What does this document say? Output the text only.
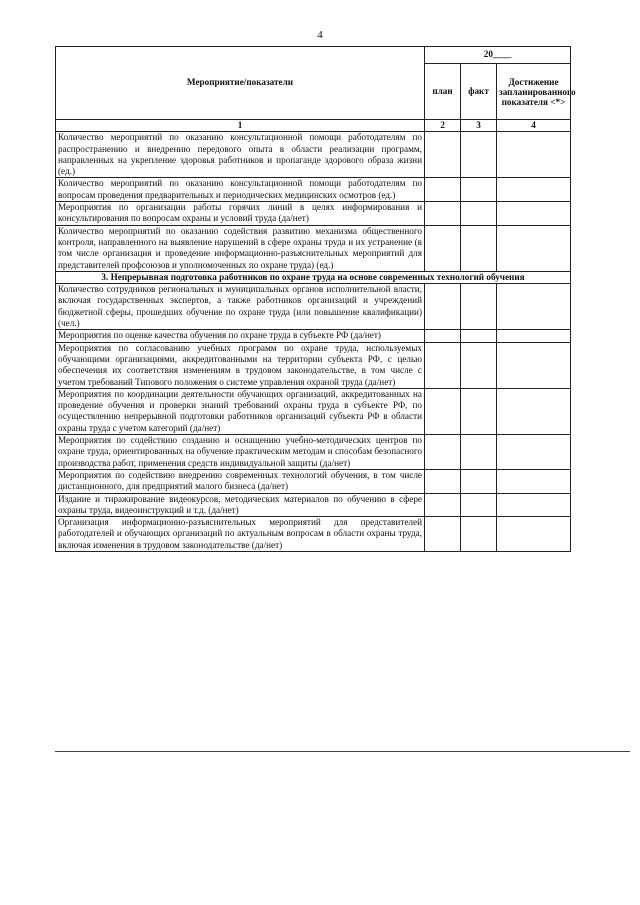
4
Мероприятие/показатели	20____		
	план	факт	Достижение запланированного показателя <*>
1	2	3	4
Количество мероприятий по оказанию консультационной помощи работодателям по распространению и внедрению передового опыта в области реализации программ, направленных на укрепление здоровья работников и пропаганде здорового образа жизни (ед.)			
Количество мероприятий по оказанию консультационной помощи работодателям по вопросам проведения предварительных и периодических медицинских осмотров (ед.)			
Мероприятия по организации работы горячих линий в целях информирования и консультирования по вопросам охраны и условий труда (да/нет)			
Количество мероприятий по оказанию содействия развитию механизма общественного контроля, направленного на выявление нарушений в сфере охраны труда и их устранение (в том числе организация и проведение информационно-разъяснительных мероприятий для представителей профсоюзов и уполномоченных по охране труда) (ед.)			
3. Непрерывная подготовка работников по охране труда на основе современных технологий обучения			
Количество сотрудников региональных и муниципальных органов исполнительной власти, включая государственных экспертов, а также работников организаций и учреждений бюджетной сферы, прошедших обучение по охране труда (или повышение квалификации) (чел.)			
Мероприятия по оценке качества обучения по охране труда в субъекте РФ (да/нет)			
Мероприятия по согласованию учебных программ по охране труда, используемых обучающими организациями, аккредитованными на территории субъекта РФ, с целью обеспечения их соответствия изменениям в трудовом законодательстве, в том числе с учетом требований Типового положения о системе управления охраной труда (да/нет)			
Мероприятия по координации деятельности обучающих организаций, аккредитованных на проведение обучения и проверки знаний требований охраны труда в субъекте РФ, по осуществлению непрерывной подготовки работников организаций субъекта РФ в области охраны труда с учетом категорий (да/нет)			
Мероприятия по содействию созданию и оснащению учебно-методических центров по охране труда, ориентированных на обучение практическим методам и способам безопасного производства работ, применения средств индивидуальной защиты (да/нет)			
Мероприятия по содействию внедрению современных технологий обучения, в том числе дистанционного, для предприятий малого бизнеса (да/нет)			
Издание и тиражирование видеокурсов, методических материалов по обучению в сфере охраны труда, видеоинструкций и т.д. (да/нет)			
Организация информационно-разъяснительных мероприятий для представителей работодателей и обучающих организаций по актуальным вопросам в области охраны труда, включая изменения в трудовом законодательстве (да/нет)			
